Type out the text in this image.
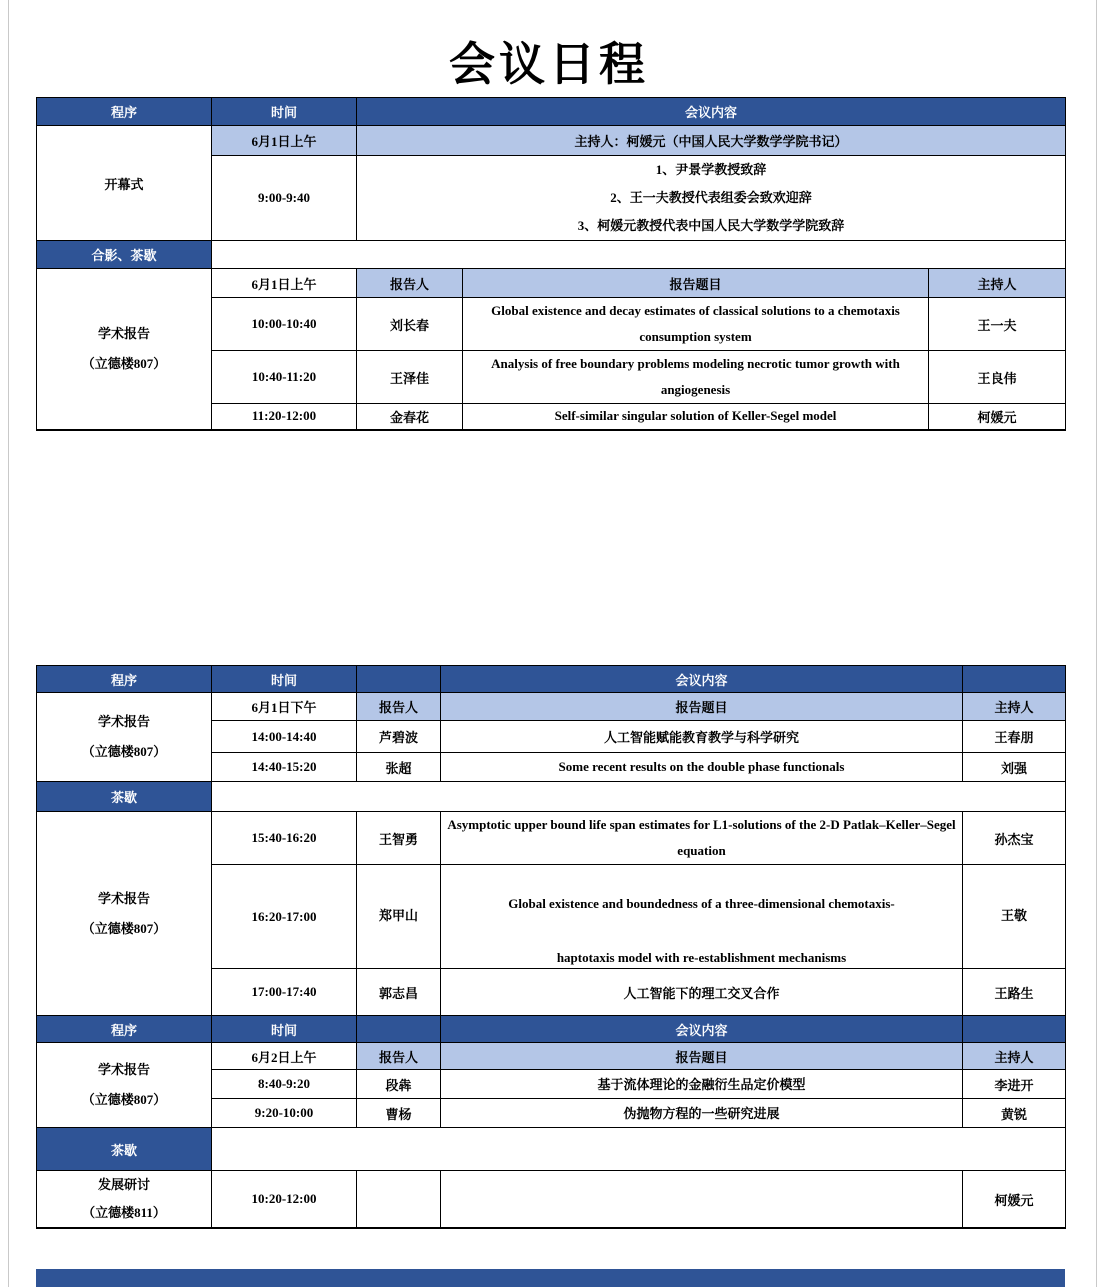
会议日程
程序	时间	会议内容		
开幕式	6月1日上午	主持人：柯媛元（中国人民大学数学学院书记）		
	9:00-9:40	1、尹景学教授致辞
2、王一夫教授代表组委会致欢迎辞
3、柯媛元教授代表中国人民大学数学学院致辞		

合影、茶歇				

学术报告
（立德楼807）	6月1日上午	报告人	报告题目	主持人
	10:00-10:40	刘长春	Global existence and decay estimates of classical solutions to a chemotaxis consumption system	王一夫
	10:40-11:20	王泽佳	Analysis of free boundary problems modeling necrotic tumor growth with angiogenesis	王良伟
	11:20-12:00	金春花	Self-similar singular solution of Keller-Segel model	柯媛元
程序	时间		会议内容	

学术报告
（立德楼807）	6月1日下午	报告人	报告题目	主持人
	14:00-14:40	芦碧波	人工智能赋能教育教学与科学研究	王春朋
	14:40-15:20	张超	Some recent results on the double phase functionals	刘强
茶歇				

学术报告
（立德楼807）	15:40-16:20	王智勇	Asymptotic upper bound life span estimates for L1-solutions of the 2-D Patlak–Keller–Segel equation	孙杰宝
	16:20-17:00	郑甲山	Global existence and boundedness of a three-dimensional chemotaxis-
haptotaxis model with re-establishment mechanisms	王敬
	17:00-17:40	郭志昌	人工智能下的理工交叉合作	王路生
程序	时间		会议内容	

学术报告
（立德楼807）	6月2日上午	报告人	报告题目	主持人
	8:40-9:20	段犇	基于流体理论的金融衍生品定价模型	李进开
	9:20-10:00	曹杨	伪抛物方程的一些研究进展	黄锐
茶歇				

发展研讨
（立德楼811）	10:20-12:00			柯媛元
